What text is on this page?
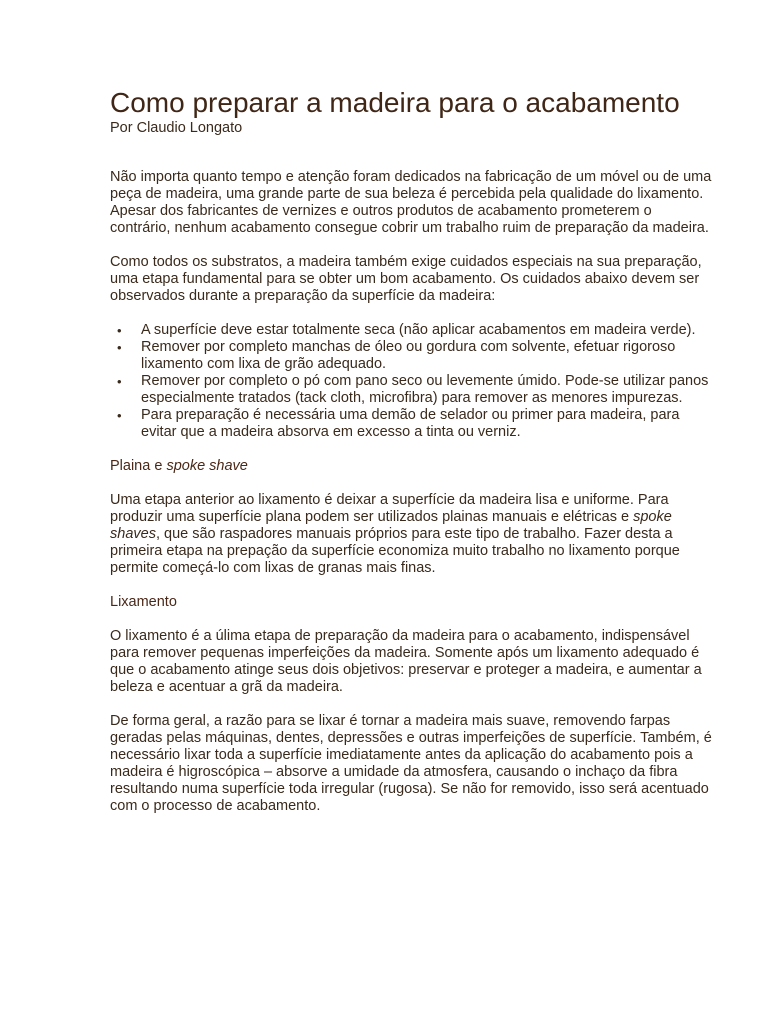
Como preparar a madeira para o acabamento
Por Claudio Longato

Não importa quanto tempo e atenção foram dedicados na fabricação de um móvel ou de uma peça de madeira, uma grande parte de sua beleza é percebida pela qualidade do lixamento. Apesar dos fabricantes de vernizes e outros produtos de acabamento prometerem o contrário, nenhum acabamento consegue cobrir um trabalho ruim de preparação da madeira.

Como todos os substratos, a madeira também exige cuidados especiais na sua preparação, uma etapa fundamental para se obter um bom acabamento. Os cuidados abaixo devem ser observados durante a preparação da superfície da madeira:

• A superfície deve estar totalmente seca (não aplicar acabamentos em madeira verde).
• Remover por completo manchas de óleo ou gordura com solvente, efetuar rigoroso lixamento com lixa de grão adequado.
• Remover por completo o pó com pano seco ou levemente úmido. Pode-se utilizar panos especialmente tratados (tack cloth, microfibra) para remover as menores impurezas.
• Para preparação é necessária uma demão de selador ou primer para madeira, para evitar que a madeira absorva em excesso a tinta ou verniz.
Plaina e spoke shave

Uma etapa anterior ao lixamento é deixar a superfície da madeira lisa e uniforme. Para produzir uma superfície plana podem ser utilizados plainas manuais e elétricas e spoke shaves, que são raspadores manuais próprios para este tipo de trabalho. Fazer desta a primeira etapa na prepação da superfície economiza muito trabalho no lixamento porque permite começá-lo com lixas de granas mais finas.

Lixamento

O lixamento é a úlima etapa de preparação da madeira para o acabamento, indispensável para remover pequenas imperfeições da madeira. Somente após um lixamento adequado é que o acabamento atinge seus dois objetivos: preservar e proteger a madeira, e aumentar a beleza e acentuar a grã da madeira.

De forma geral, a razão para se lixar é tornar a madeira mais suave, removendo farpas geradas pelas máquinas, dentes, depressões e outras imperfeições de superfície. Também, é necessário lixar toda a superfície imediatamente antes da aplicação do acabamento pois a madeira é higroscópica – absorve a umidade da atmosfera, causando o inchaço da fibra resultando numa superfície toda irregular (rugosa). Se não for removido, isso será acentuado com o processo de acabamento.
